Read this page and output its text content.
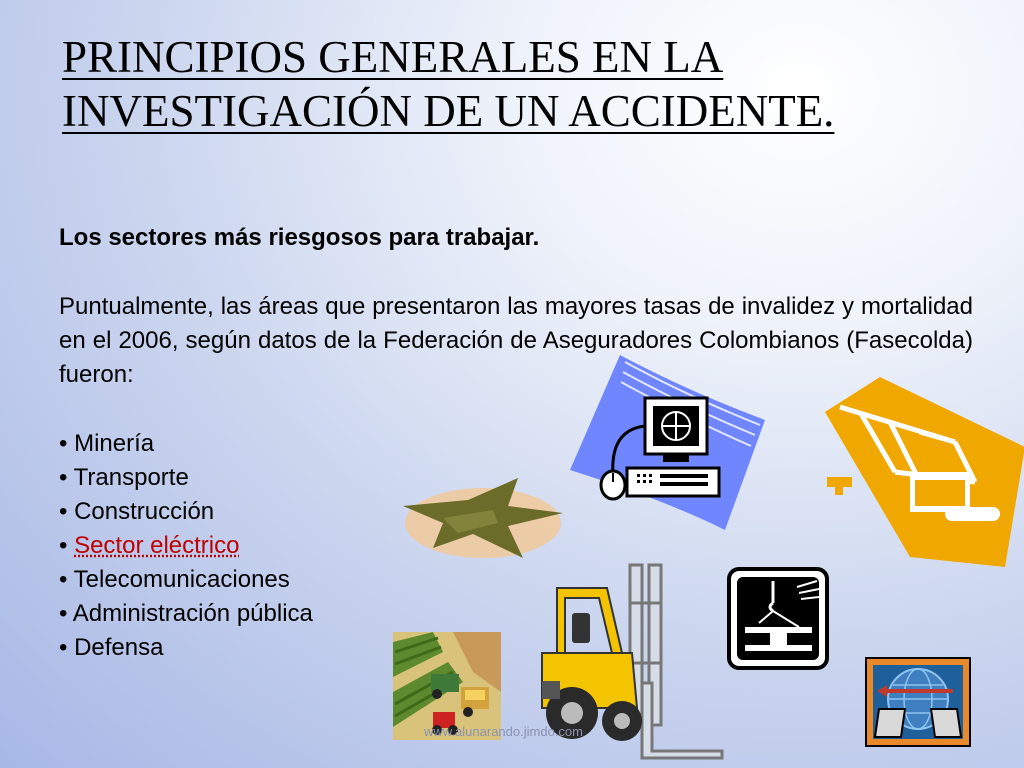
PRINCIPIOS GENERALES EN LA
INVESTIGACIÓN DE UN ACCIDENTE.
Los sectores más riesgosos para trabajar.
Puntualmente, las áreas que presentaron las mayores tasas de invalidez y mortalidad en el 2006, según datos de la Federación de Aseguradores Colombianos (Fasecolda) fueron:
• Minería
• Transporte
• Construcción
• Sector eléctrico
• Telecomunicaciones
• Administración pública
• Defensa
www.alunarando.jimdo.com
